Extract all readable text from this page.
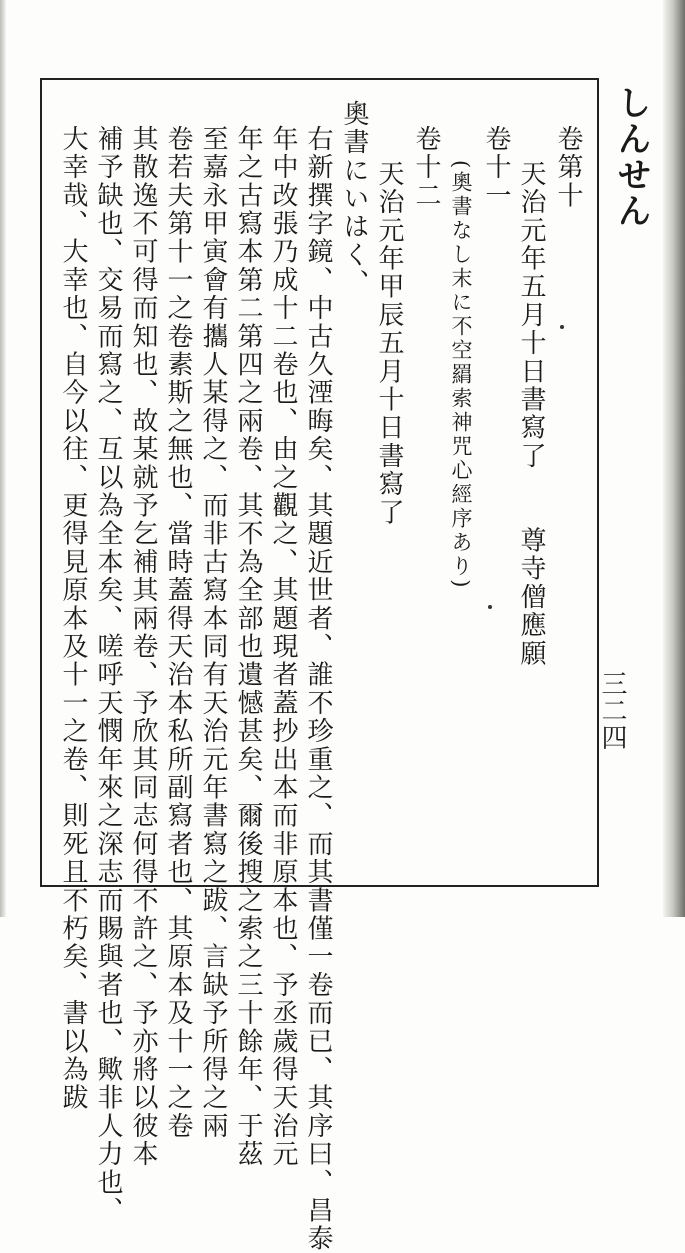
しんせん
卷第十
天治元年五月十日書寫了　　尊寺僧應願
卷十一
(奧書なし末に不空羂索神咒心經序あり)
卷十二
天治元年甲辰五月十日書寫了
奧書にいはく、
右新撰字鏡、中古久湮晦矣、其題近世者、誰不珍重之、而其書僅一卷而已、其序曰、昌泰
年中改張乃成十二卷也、由之觀之、其題現者蓋抄出本而非原本也、予丞歲得天治元
年之古寫本第二第四之兩卷、其不為全部也遺憾甚矣、爾後搜之索之三十餘年、于茲
至嘉永甲寅會有攜人某得之、而非古寫本同有天治元年書寫之跋、言缺予所得之兩
卷若夫第十一之卷素斯之無也、當時蓋得天治本私所副寫者也、其原本及十一之卷
其散逸不可得而知也、故某就予乞補其兩卷、予欣其同志何得不許之、予亦將以彼本
補予缺也、交易而寫之、互以為全本矣、嗟呼天憫年來之深志而賜與者也、歟非人力也、
大幸哉、大幸也、自今以往、更得見原本及十一之卷、則死且不朽矣、書以為跋	三二四
